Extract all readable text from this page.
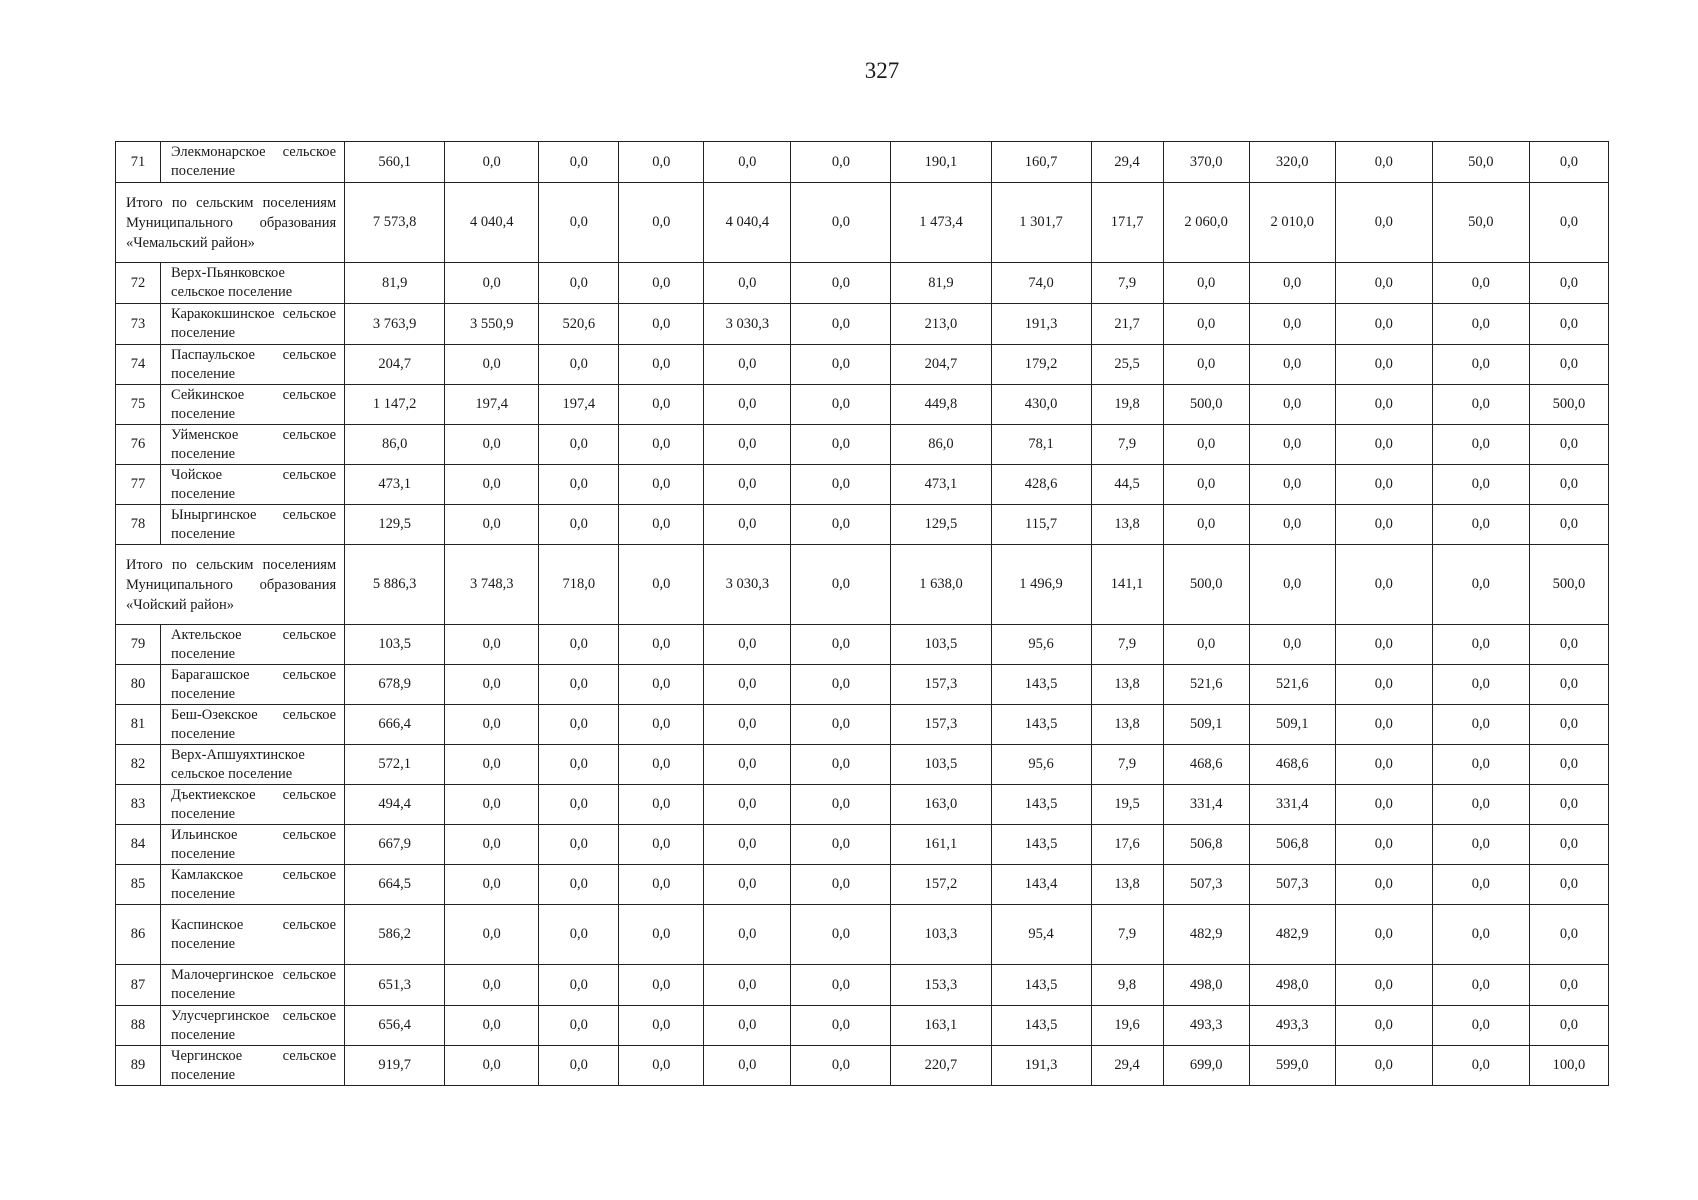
327
71	Элекмонарское сельское поселение	560,1	0,0	0,0	0,0	0,0	0,0	190,1	160,7	29,4	370,0	320,0	0,0	50,0	0,0
Итого по сельским поселениям Муниципального образования «Чемальский район»		7 573,8	4 040,4	0,0	0,0	4 040,4	0,0	1 473,4	1 301,7	171,7	2 060,0	2 010,0	0,0	50,0	0,0
72	Верх-Пьянковское сельское поселение	81,9	0,0	0,0	0,0	0,0	0,0	81,9	74,0	7,9	0,0	0,0	0,0	0,0	0,0
73	Каракокшинское сельское поселение	3 763,9	3 550,9	520,6	0,0	3 030,3	0,0	213,0	191,3	21,7	0,0	0,0	0,0	0,0	0,0
74	Паспаульское сельское поселение	204,7	0,0	0,0	0,0	0,0	0,0	204,7	179,2	25,5	0,0	0,0	0,0	0,0	0,0
75	Сейкинское сельское поселение	1 147,2	197,4	197,4	0,0	0,0	0,0	449,8	430,0	19,8	500,0	0,0	0,0	0,0	500,0
76	Уйменское сельское поселение	86,0	0,0	0,0	0,0	0,0	0,0	86,0	78,1	7,9	0,0	0,0	0,0	0,0	0,0
77	Чойское сельское поселение	473,1	0,0	0,0	0,0	0,0	0,0	473,1	428,6	44,5	0,0	0,0	0,0	0,0	0,0
78	Ыныргинское сельское поселение	129,5	0,0	0,0	0,0	0,0	0,0	129,5	115,7	13,8	0,0	0,0	0,0	0,0	0,0
Итого по сельским поселениям Муниципального образования «Чойский район»		5 886,3	3 748,3	718,0	0,0	3 030,3	0,0	1 638,0	1 496,9	141,1	500,0	0,0	0,0	0,0	500,0
79	Актельское сельское поселение	103,5	0,0	0,0	0,0	0,0	0,0	103,5	95,6	7,9	0,0	0,0	0,0	0,0	0,0
80	Барагашское сельское поселение	678,9	0,0	0,0	0,0	0,0	0,0	157,3	143,5	13,8	521,6	521,6	0,0	0,0	0,0
81	Беш-Озекское сельское поселение	666,4	0,0	0,0	0,0	0,0	0,0	157,3	143,5	13,8	509,1	509,1	0,0	0,0	0,0
82	Верх-Апшуяхтинское сельское поселение	572,1	0,0	0,0	0,0	0,0	0,0	103,5	95,6	7,9	468,6	468,6	0,0	0,0	0,0
83	Дъектиекское сельское поселение	494,4	0,0	0,0	0,0	0,0	0,0	163,0	143,5	19,5	331,4	331,4	0,0	0,0	0,0
84	Ильинское сельское поселение	667,9	0,0	0,0	0,0	0,0	0,0	161,1	143,5	17,6	506,8	506,8	0,0	0,0	0,0
85	Камлакское сельское поселение	664,5	0,0	0,0	0,0	0,0	0,0	157,2	143,4	13,8	507,3	507,3	0,0	0,0	0,0
86	Каспинское сельское поселение	586,2	0,0	0,0	0,0	0,0	0,0	103,3	95,4	7,9	482,9	482,9	0,0	0,0	0,0
87	Малочергинское сельское поселение	651,3	0,0	0,0	0,0	0,0	0,0	153,3	143,5	9,8	498,0	498,0	0,0	0,0	0,0
88	Улусчергинское сельское поселение	656,4	0,0	0,0	0,0	0,0	0,0	163,1	143,5	19,6	493,3	493,3	0,0	0,0	0,0
89	Чергинское сельское поселение	919,7	0,0	0,0	0,0	0,0	0,0	220,7	191,3	29,4	699,0	599,0	0,0	0,0	100,0
